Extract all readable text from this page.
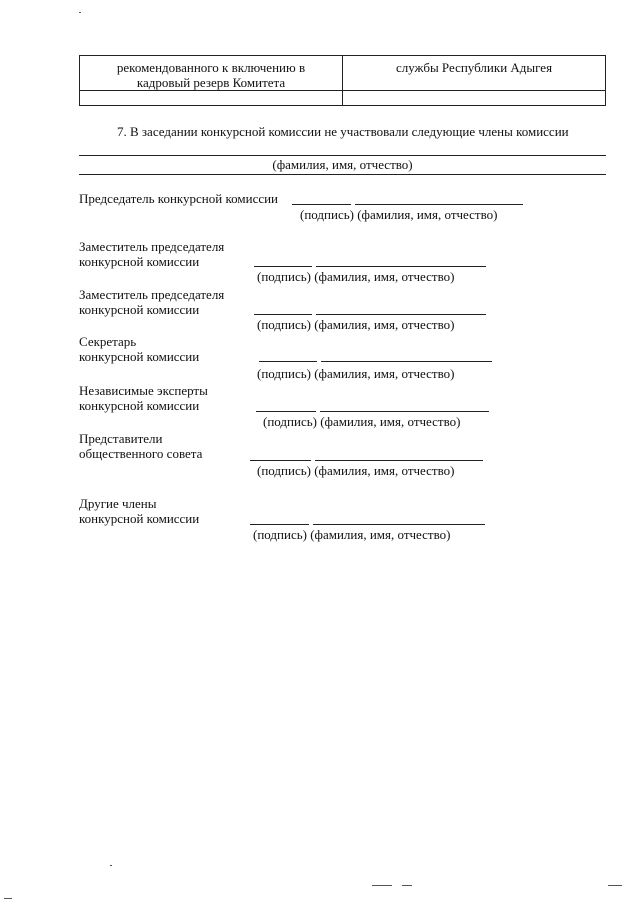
рекомендованного к включению в
кадровый резерв Комитета
службы Республики Адыгея
7. В заседании конкурсной комиссии не участвовали следующие члены комиссии
(фамилия, имя, отчество)
Председатель конкурсной комиссии
(подпись) (фамилия, имя, отчество)
Заместитель председателя
конкурсной комиссии
(подпись) (фамилия, имя, отчество)
Заместитель председателя
конкурсной комиссии
(подпись) (фамилия, имя, отчество)
Секретарь
конкурсной комиссии
(подпись) (фамилия, имя, отчество)
Независимые эксперты
конкурсной комиссии
(подпись) (фамилия, имя, отчество)
Представители
общественного совета
(подпись) (фамилия, имя, отчество)
Другие члены
конкурсной комиссии
(подпись) (фамилия, имя, отчество)
